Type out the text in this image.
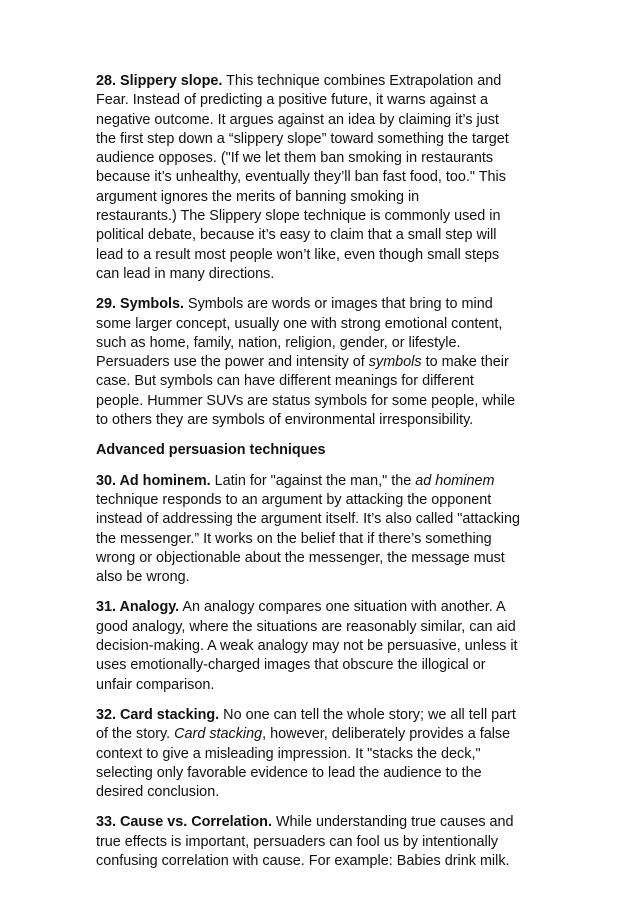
28. Slippery slope. This technique combines Extrapolation and
Fear. Instead of predicting a positive future, it warns against a
negative outcome. It argues against an idea by claiming it’s just
the first step down a “slippery slope” toward something the target
audience opposes. ("If we let them ban smoking in restaurants
because it’s unhealthy, eventually they’ll ban fast food, too." This
argument ignores the merits of banning smoking in
restaurants.) The Slippery slope technique is commonly used in
political debate, because it’s easy to claim that a small step will
lead to a result most people won’t like, even though small steps
can lead in many directions.

29. Symbols. Symbols are words or images that bring to mind
some larger concept, usually one with strong emotional content,
such as home, family, nation, religion, gender, or lifestyle.
Persuaders use the power and intensity of symbols to make their
case. But symbols can have different meanings for different
people. Hummer SUVs are status symbols for some people, while
to others they are symbols of environmental irresponsibility.

Advanced persuasion techniques

30. Ad hominem. Latin for "against the man," the ad hominem
technique responds to an argument by attacking the opponent
instead of addressing the argument itself. It’s also called "attacking
the messenger.” It works on the belief that if there’s something
wrong or objectionable about the messenger, the message must
also be wrong.

31. Analogy. An analogy compares one situation with another. A
good analogy, where the situations are reasonably similar, can aid
decision-making. A weak analogy may not be persuasive, unless it
uses emotionally-charged images that obscure the illogical or
unfair comparison.

32. Card stacking. No one can tell the whole story; we all tell part
of the story. Card stacking, however, deliberately provides a false
context to give a misleading impression. It "stacks the deck,"
selecting only favorable evidence to lead the audience to the
desired conclusion.

33. Cause vs. Correlation. While understanding true causes and
true effects is important, persuaders can fool us by intentionally
confusing correlation with cause. For example: Babies drink milk.
